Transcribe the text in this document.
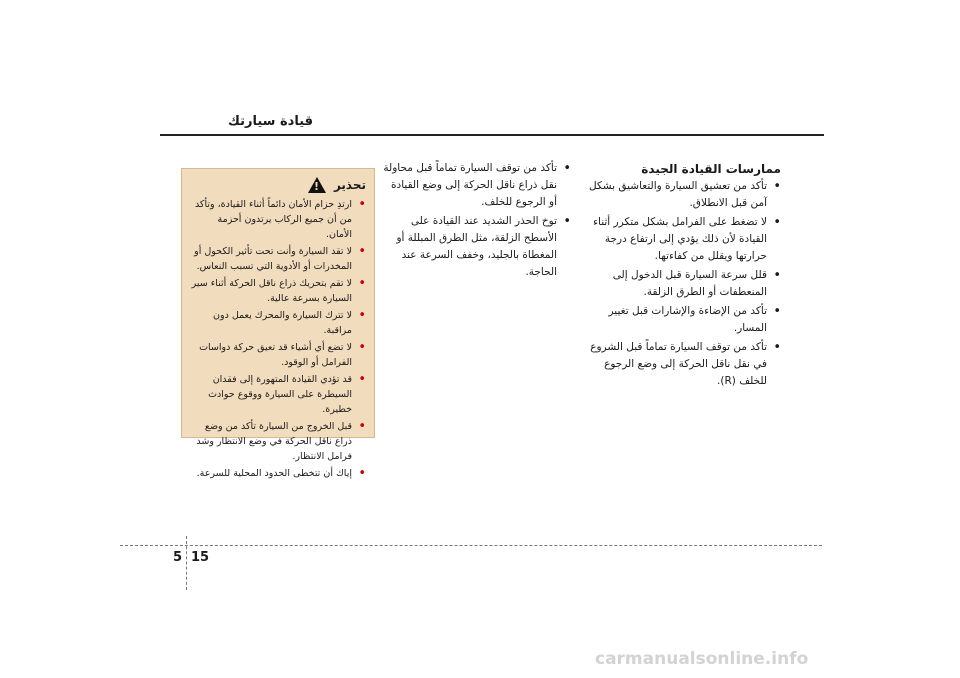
قيادة سيارتك

ممارسات القيادة الجيدة

• تأكد من تعشيق السيارة والتعاشيق بشكل آمن قبل الانطلاق.
• لا تضغط على الفرامل بشكل متكرر أثناء القيادة لأن ذلك يؤدي إلى ارتفاع درجة حرارتها ويقلل من كفاءتها.
• قلل سرعة السيارة قبل الدخول إلى المنعطفات أو الطرق الزلقة.
• تأكد من الإضاءة والإشارات قبل تغيير المسار.
• تأكد من توقف السيارة تماماً قبل الشروع في نقل ناقل الحركة إلى وضع الرجوع للخلف (R).
• تأكد من توقف السيارة تماماً قبل محاولة نقل ذراع ناقل الحركة إلى وضع القيادة أو الرجوع للخلف.
• توخ الحذر الشديد عند القيادة على الأسطح الزلقة، مثل الطرق المبللة أو المغطاة بالجليد، وخفف السرعة عند الحاجة.
تحذير
!
• ارتدِ حزام الأمان دائماً أثناء القيادة، وتأكد من أن جميع الركاب يرتدون أحزمة الأمان.
• لا تقد السيارة وأنت تحت تأثير الكحول أو المخدرات أو الأدوية التي تسبب النعاس.
• لا تقم بتحريك ذراع ناقل الحركة أثناء سير السيارة بسرعة عالية.
• لا تترك السيارة والمحرك يعمل دون مراقبة.
• لا تضع أي أشياء قد تعيق حركة دواسات الفرامل أو الوقود.
• قد تؤدي القيادة المتهورة إلى فقدان السيطرة على السيارة ووقوع حوادث خطيرة.
• قبل الخروج من السيارة تأكد من وضع ذراع ناقل الحركة في وضع الانتظار وشد فرامل الانتظار.
• إياك أن تتخطى الحدود المحلية للسرعة.
5 15
carmanualsonline.info
